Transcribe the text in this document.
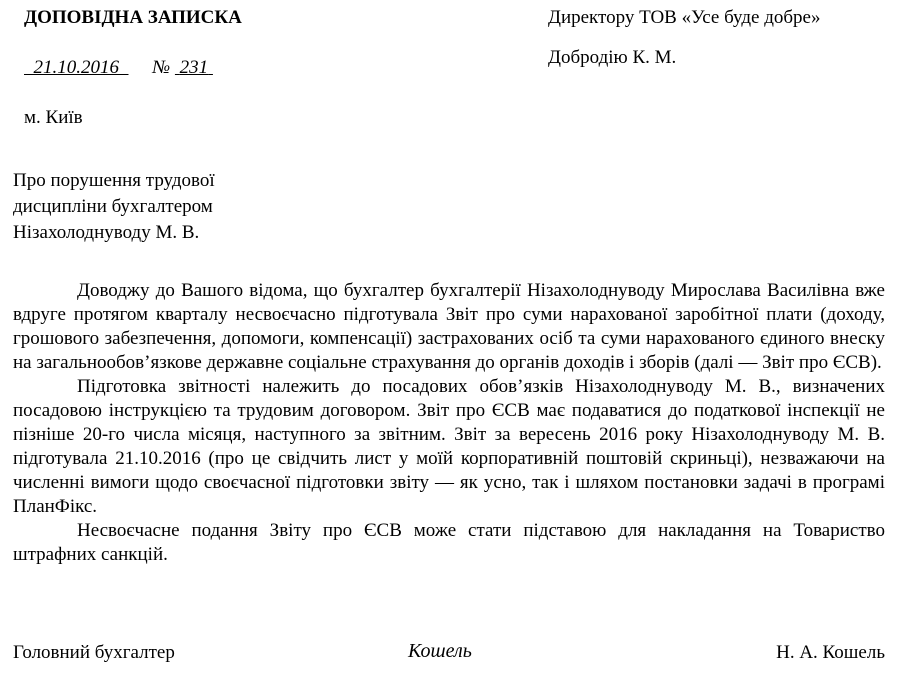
ДОПОВІДНА ЗАПИСКА	Директору ТОВ «Усе буде добре»
Добродію К. М.
21.10.2016 № 231
м. Київ
Про порушення трудової
дисципліни бухгалтером
Нізахолоднуводу М. В.

Доводжу до Вашого відома, що бухгалтер бухгалтерії Нізахолоднуводу Мирослава Василівна вже вдруге протягом кварталу несвоєчасно підготувала Звіт про суми нарахованої заробітної плати (доходу, грошового забезпечення, допомоги, компенсації) застрахованих осіб та суми нарахованого єдиного внеску на загальнообов’язкове державне соціальне страхування до органів доходів і зборів (далі — Звіт про ЄСВ).

Підготовка звітності належить до посадових обов’язків Нізахолоднуводу М. В., визначених посадовою інструкцією та трудовим договором. Звіт про ЄСВ має подаватися до податкової інспекції не пізніше 20-го числа місяця, наступного за звітним. Звіт за вересень 2016 року Нізахолоднуводу М. В. підготувала 21.10.2016 (про це свідчить лист у моїй корпоративній поштовій скриньці), незважаючи на численні вимоги щодо своєчасної підготовки звіту — як усно, так і шляхом постановки задачі в програмі ПланФікс.

Несвоєчасне подання Звіту про ЄСВ може стати підставою для накладання на Товариство штрафних санкцій.

Головний бухгалтер	Кошель	Н. А. Кошель
